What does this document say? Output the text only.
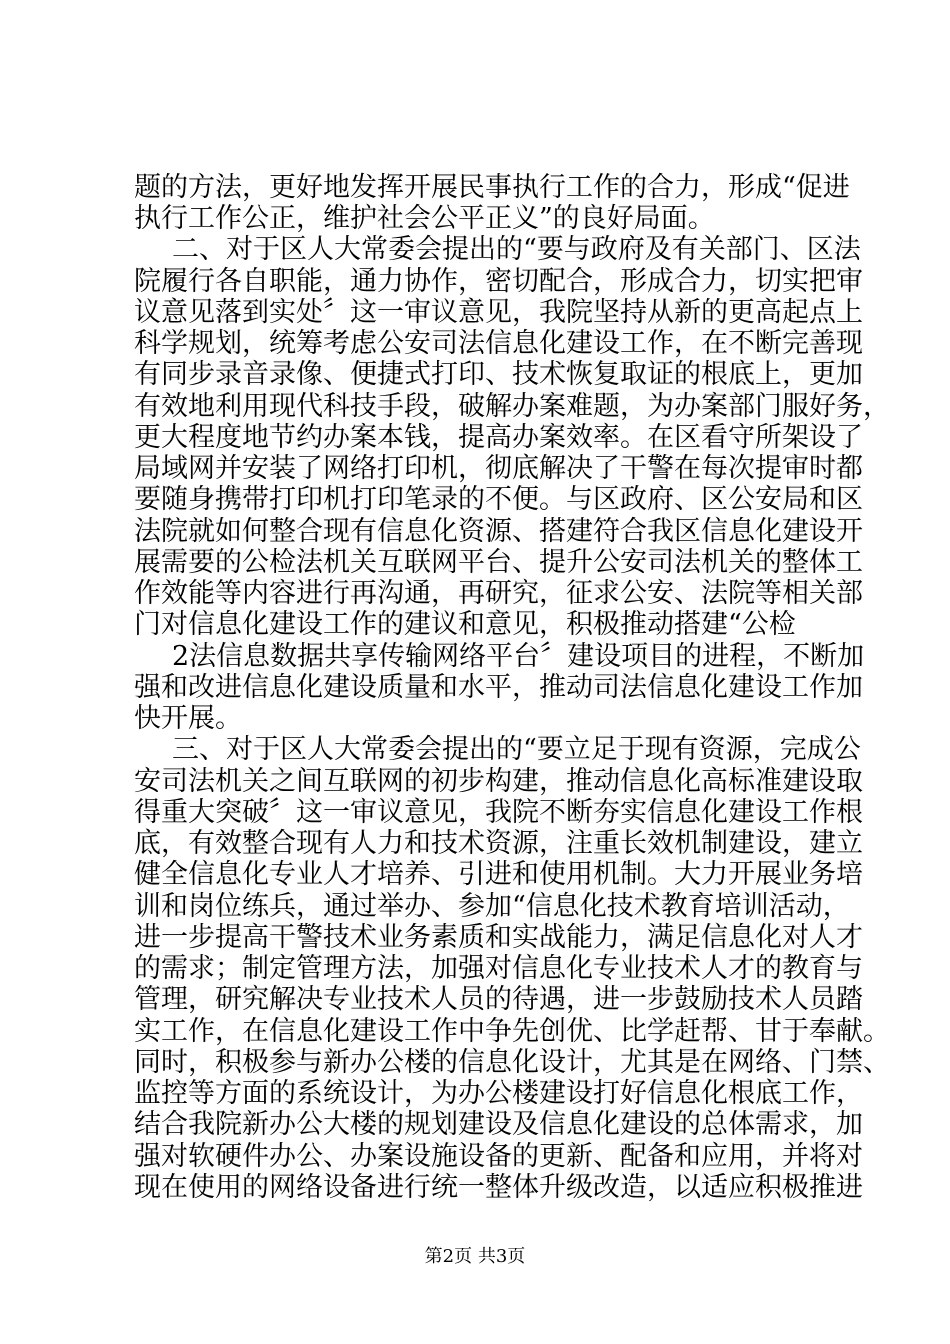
题的方法，更好地发挥开展民事执行工作的合力，形成“促进
执行工作公正，维护社会公平正义”的良好局面。
二、对于区人大常委会提出的“要与政府及有关部门、区法
院履行各自职能，通力协作，密切配合，形成合力，切实把审
议意见落到实处〞这一审议意见，我院坚持从新的更高起点上
科学规划，统筹考虑公安司法信息化建设工作，在不断完善现
有同步录音录像、便捷式打印、技术恢复取证的根底上，更加
有效地利用现代科技手段，破解办案难题，为办案部门服好务，
更大程度地节约办案本钱，提高办案效率。在区看守所架设了
局域网并安装了网络打印机，彻底解决了干警在每次提审时都
要随身携带打印机打印笔录的不便。与区政府、区公安局和区
法院就如何整合现有信息化资源、搭建符合我区信息化建设开
展需要的公检法机关互联网平台、提升公安司法机关的整体工
作效能等内容进行再沟通，再研究，征求公安、法院等相关部
门对信息化建设工作的建议和意见，积极推动搭建“公检
2法信息数据共享传输网络平台〞建设项目的进程，不断加
强和改进信息化建设质量和水平，推动司法信息化建设工作加
快开展。
三、对于区人大常委会提出的“要立足于现有资源，完成公
安司法机关之间互联网的初步构建，推动信息化高标准建设取
得重大突破〞这一审议意见，我院不断夯实信息化建设工作根
底，有效整合现有人力和技术资源，注重长效机制建设，建立
健全信息化专业人才培养、引进和使用机制。大力开展业务培
训和岗位练兵，通过举办、参加“信息化技术教育培训活动，
进一步提高干警技术业务素质和实战能力，满足信息化对人才
的需求；制定管理方法，加强对信息化专业技术人才的教育与
管理，研究解决专业技术人员的待遇，进一步鼓励技术人员踏
实工作，在信息化建设工作中争先创优、比学赶帮、甘于奉献。
同时，积极参与新办公楼的信息化设计，尤其是在网络、门禁、
监控等方面的系统设计，为办公楼建设打好信息化根底工作，
结合我院新办公大楼的规划建设及信息化建设的总体需求，加
强对软硬件办公、办案设施设备的更新、配备和应用，并将对
现在使用的网络设备进行统一整体升级改造，以适应积极推进
第2页 共3页
